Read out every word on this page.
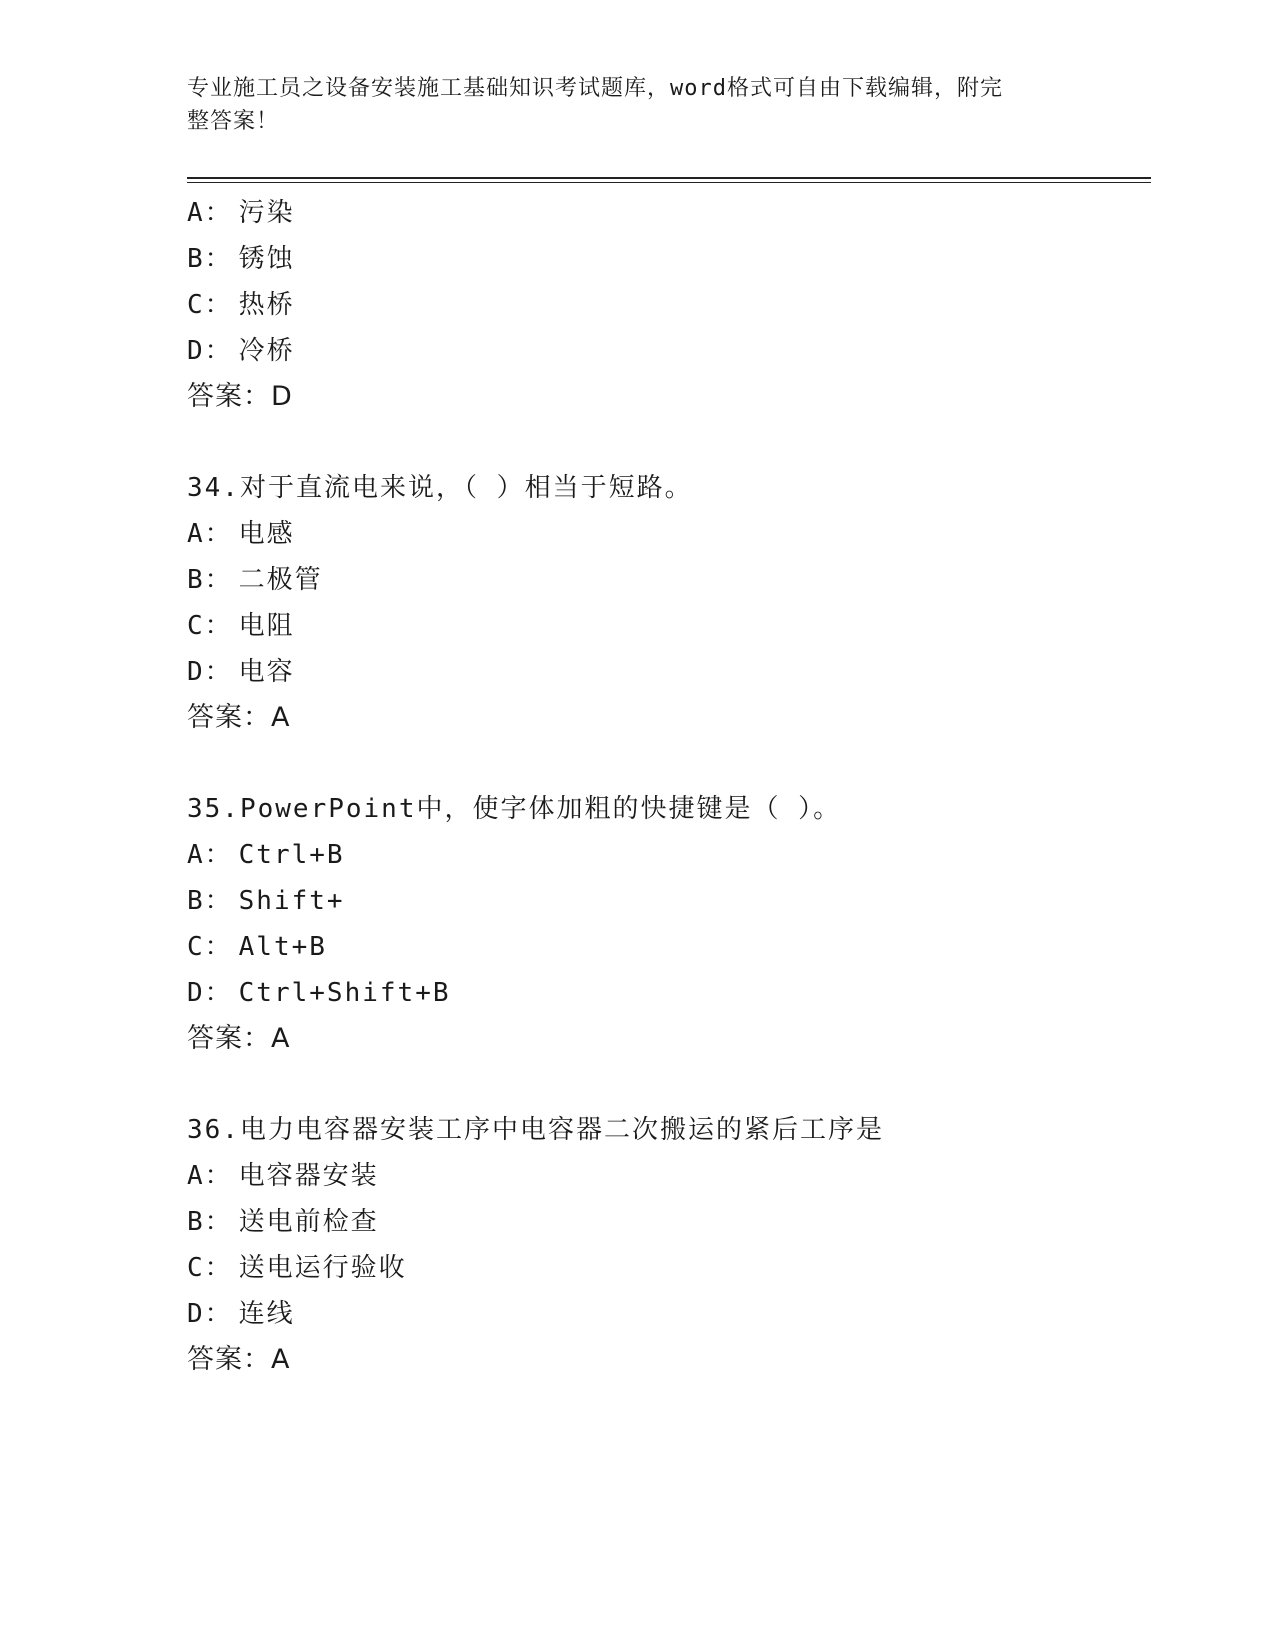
专业施工员之设备安装施工基础知识考试题库，word格式可自由下载编辑，附完
整答案！
A： 污染
B： 锈蚀
C： 热桥
D： 冷桥
答案：D
34.对于直流电来说，（ ）相当于短路。
A： 电感
B： 二极管
C： 电阻
D： 电容
答案：A
35.PowerPoint中，使字体加粗的快捷键是（ ）。
A： Ctrl+B
B： Shift+
C： Alt+B
D： Ctrl+Shift+B
答案：A
36.电力电容器安装工序中电容器二次搬运的紧后工序是
A： 电容器安装
B： 送电前检查
C： 送电运行验收
D： 连线
答案：A
